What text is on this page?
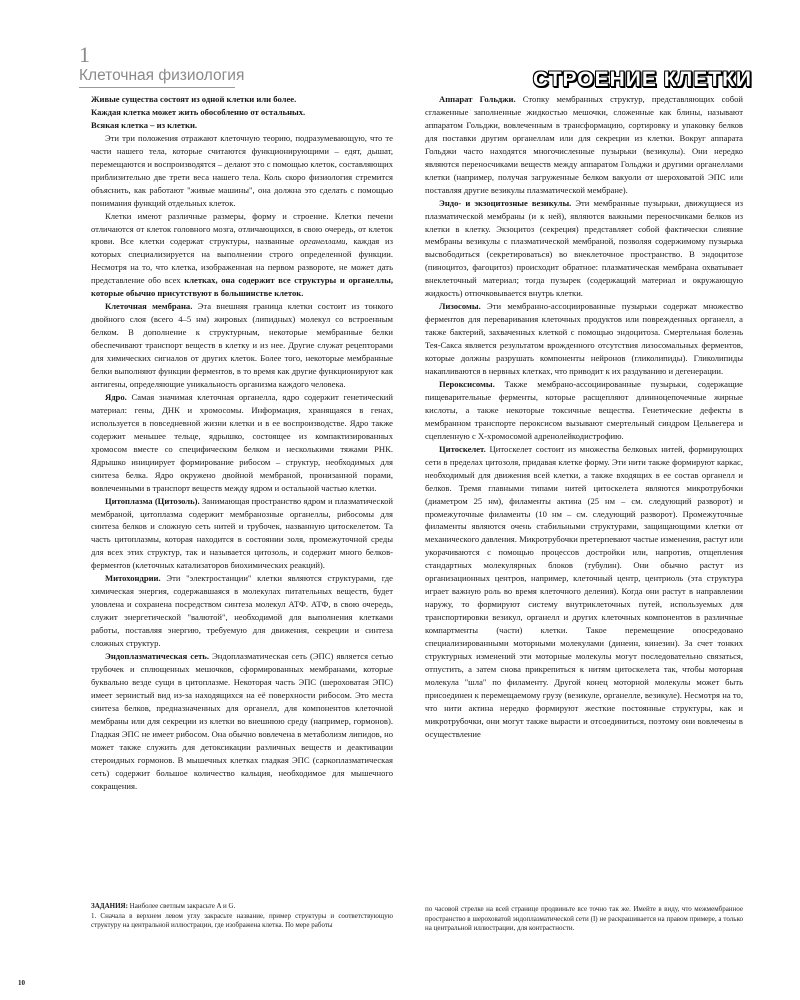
1
Клеточная физиология	СТРОЕНИЕ КЛЕТКИ

Живые существа состоят из одной клетки или более.

Каждая клетка может жить обособленно от остальных.

Всякая клетка – из клетки.

Эти три положения отражают клеточную теорию, подразумевающую, что те части нашего тела, которые считаются функционирующими – едят, дышат, перемещаются и воспроизводятся – делают это с помощью клеток, составляющих приблизительно две трети веса нашего тела. Коль скоро физиология стремится объяснить, как работают "живые машины", она должна это сделать с помощью понимания функций отдельных клеток.

Клетки имеют различные размеры, форму и строение. Клетки печени отличаются от клеток головного мозга, отличающихся, в свою очередь, от клеток крови. Все клетки содержат структуры, названные органеллами, каждая из которых специализируется на выполнении строго определенной функции. Несмотря на то, что клетка, изображенная на первом развороте, не может дать представление обо всех клетках, она содержит все структуры и органеллы, которые обычно присутствуют в большинстве клеток.

Клеточная мембрана. Эта внешняя граница клетки состоит из тонкого двойного слоя (всего 4–5 нм) жировых (липидных) молекул со встроенным белком. В дополнение к структурным, некоторые мембранные белки обеспечивают транспорт веществ в клетку и из нее. Другие служат рецепторами для химических сигналов от других клеток. Более того, некоторые мембранные белки выполняют функции ферментов, в то время как другие функционируют как антигены, определяющие уникальность организма каждого человека.

Ядро. Самая значимая клеточная органелла, ядро содержит генетический материал: гены, ДНК и хромосомы. Информация, хранящаяся в генах, используется в повседневной жизни клетки и в ее воспроизводстве. Ядро также содержит меньшее тельце, ядрышко, состоящее из компактизированных хромосом вместе со специфическим белком и несколькими тяжами РНК. Ядрышко инициирует формирование рибосом – структур, необходимых для синтеза белка. Ядро окружено двойной мембраной, пронизанной порами, вовлеченными в транспорт веществ между ядром и остальной частью клетки.

Цитоплазма (Цитозоль). Занимающая пространство ядром и плазматической мембраной, цитоплазма содержит мембранозные органеллы, рибосомы для синтеза белков и сложную сеть нитей и трубочек, названную цитоскелетом. Та часть цитоплазмы, которая находится в состоянии золя, промежуточной среды для всех этих структур, так и называется цитозоль, и содержит много белков-ферментов (клеточных катализаторов биохимических реакций).

Митохондрии. Эти "электростанции" клетки являются структурами, где химическая энергия, содержавшаяся в молекулах питательных веществ, будет уловлена и сохранена посредством синтеза молекул АТФ. АТФ, в свою очередь, служит энергетической "валютой", необходимой для выполнения клетками работы, поставляя энергию, требуемую для движения, секреции и синтеза сложных структур.

Эндоплазматическая сеть. Эндоплазматическая сеть (ЭПС) является сетью трубочек и сплющенных мешочков, сформированных мембранами, которые буквально везде сущи в цитоплазме. Некоторая часть ЭПС (шероховатая ЭПС) имеет зернистый вид из-за находящихся на её поверхности рибосом. Это места синтеза белков, предназначенных для органелл, для компонентов клеточной мембраны или для секреции из клетки во внешнюю среду (например, гормонов). Гладкая ЭПС не имеет рибосом. Она обычно вовлечена в метаболизм липидов, но может также служить для детоксикации различных веществ и деактивации стероидных гормонов. В мышечных клетках гладкая ЭПС (саркоплазматическая сеть) содержит большое количество кальция, необходимое для мышечного сокращения.

ЗАДАНИЯ: Наиболее светлым закрасьте A и G.

1. Сначала в верхнем левом углу закрасьте название, пример структуры и соответствующую структуру на центральной иллюстрации, где изображена клетка. По мере работы

Аппарат Гольджи. Стопку мембранных структур, представляющих собой сглаженные заполненные жидкостью мешочки, сложенные как блины, называют аппаратом Гольджи, вовлеченным в трансформацию, сортировку и упаковку белков для поставки другим органеллам или для секреции из клетки. Вокруг аппарата Гольджи часто находятся многочисленные пузырьки (везикулы). Они нередко являются переносчиками веществ между аппаратом Гольджи и другими органеллами клетки (например, получая загруженные белком вакуоли от шероховатой ЭПС или поставляя другие везикулы плазматической мембране).

Эндо- и экзоцитозные везикулы. Эти мембранные пузырьки, движущиеся из плазматической мембраны (и к ней), являются важными переносчиками белков из клетки в клетку. Экзоцитоз (секреция) представляет собой фактически слияние мембраны везикулы с плазматической мембраной, позволяя содержимому пузырька высвободиться (секретироваться) во внеклеточное пространство. В эндоцитозе (пиноцитоз, фагоцитоз) происходит обратное: плазматическая мембрана охватывает внеклеточный материал; тогда пузырек (содержащий материал и окружающую жидкость) отпочковывается внутрь клетки.

Лизосомы. Эти мембранно-ассоциированные пузырьки содержат множество ферментов для переваривания клеточных продуктов или поврежденных органелл, а также бактерий, захваченных клеткой с помощью эндоцитоза. Смертельная болезнь Тея-Сакса является результатом врожденного отсутствия лизосомальных ферментов, которые должны разрушать компоненты нейронов (гликолипиды). Гликолипиды накапливаются в нервных клетках, что приводит к их раздуванию и дегенерации.

Пероксисомы. Также мембрано-ассоциированные пузырьки, содержащие пищеварительные ферменты, которые расщепляют длинноцепочечные жирные кислоты, а также некоторые токсичные вещества. Генетические дефекты в мембранном транспорте пероксисом вызывают смертельный синдром Цельвегера и сцепленную с X-хромосомой адренолейкодистрофию.

Цитоскелет. Цитоскелет состоит из множества белковых нитей, формирующих сети в пределах цитозоля, придавая клетке форму. Эти нити также формируют каркас, необходимый для движения всей клетки, а также входящих в ее состав органелл и белков. Тремя главными типами нитей цитоскелета являются микротрубочки (диаметром 25 нм), филаменты актина (25 нм – см. следующий разворот) и промежуточные филаменты (10 нм – см. следующий разворот). Промежуточные филаменты являются очень стабильными структурами, защищающими клетки от механического давления. Микротрубочки претерпевают частые изменения, растут или укорачиваются с помощью процессов достройки или, напротив, отщепления стандартных молекулярных блоков (тубулин). Они обычно растут из организационных центров, например, клеточный центр, центриоль (эта структура играет важную роль во время клеточного деления). Когда они растут в направлении наружу, то формируют систему внутриклеточных путей, используемых для транспортировки везикул, органелл и других клеточных компонентов в различные компартменты (части) клетки. Такое перемещение опосредовано специализированными моторными молекулами (динеин, кинезин). За счет тонких структурных изменений эти моторные молекулы могут последовательно связаться, отпустить, а затем снова прикрепиться к нитям цитоскелета так, чтобы моторная молекула "шла" по филаменту. Другой конец моторной молекулы может быть присоединен к перемещаемому грузу (везикуле, органелле, везикуле). Несмотря на то, что нити актина нередко формируют жесткие постоянные структуры, как и микротрубочки, они могут также вырасти и отсоединиться, поэтому они вовлечены в осуществление

по часовой стрелке на всей странице продвиньте все точно так же. Имейте в виду, что межмембранное пространство в шероховатой эндоплазматической сети (I) не раскрашивается на правом примере, а только на центральной иллюстрации, для контрастности.

10
